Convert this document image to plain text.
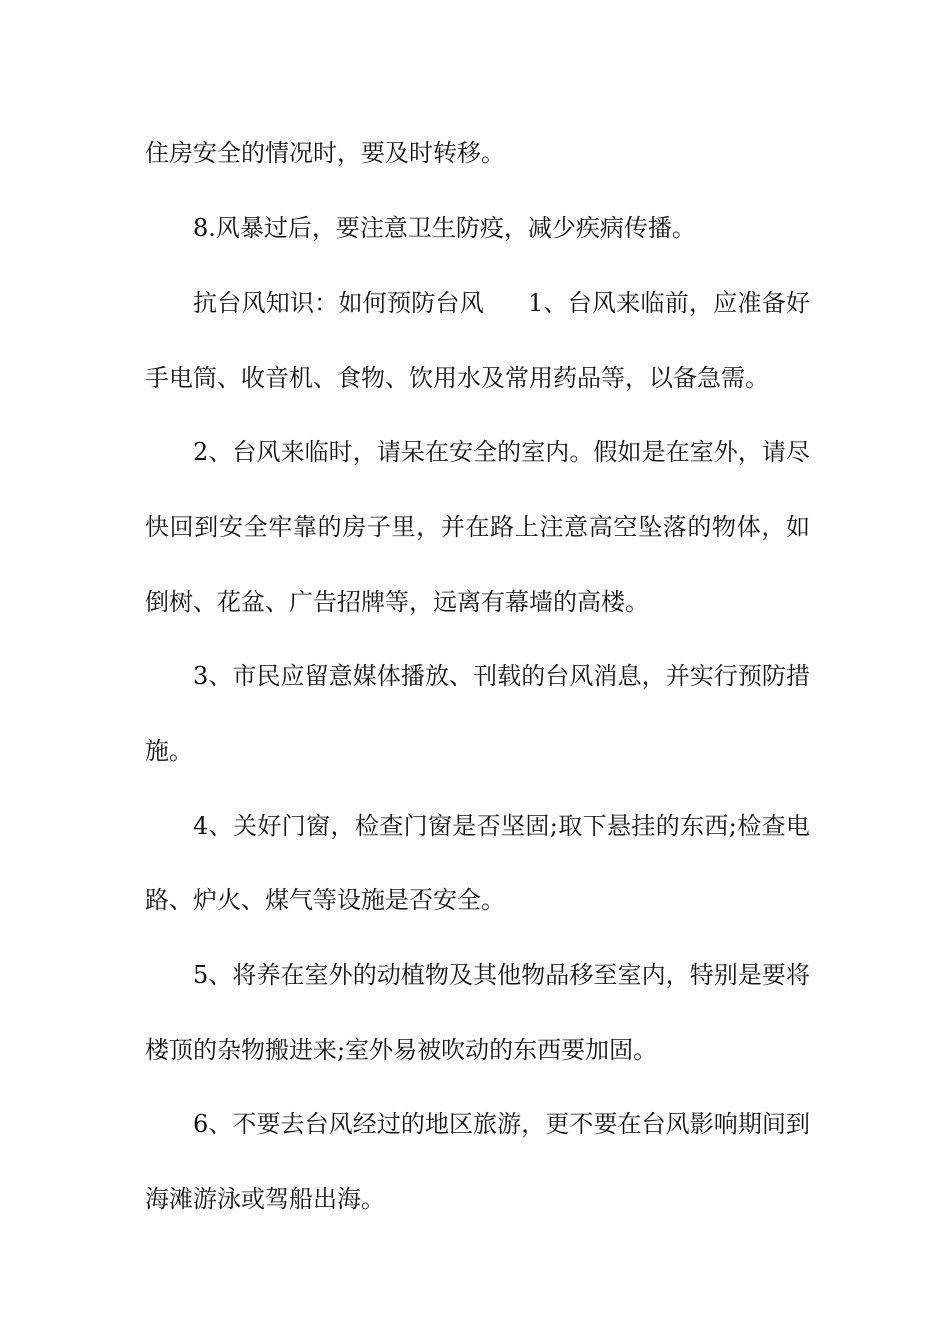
住房安全的情况时，要及时转移。
8.风暴过后，要注意卫生防疫，减少疾病传播。
抗台风知识：如何预防台风 1、台风来临前，应准备好
手电筒、收音机、食物、饮用水及常用药品等，以备急需。
2、台风来临时，请呆在安全的室内。假如是在室外，请尽
快回到安全牢靠的房子里，并在路上注意高空坠落的物体，如
倒树、花盆、广告招牌等，远离有幕墙的高楼。
3、市民应留意媒体播放、刊载的台风消息，并实行预防措
施。
4、关好门窗，检查门窗是否坚固;取下悬挂的东西;检查电
路、炉火、煤气等设施是否安全。
5、将养在室外的动植物及其他物品移至室内，特别是要将
楼顶的杂物搬进来;室外易被吹动的东西要加固。
6、不要去台风经过的地区旅游，更不要在台风影响期间到
海滩游泳或驾船出海。
